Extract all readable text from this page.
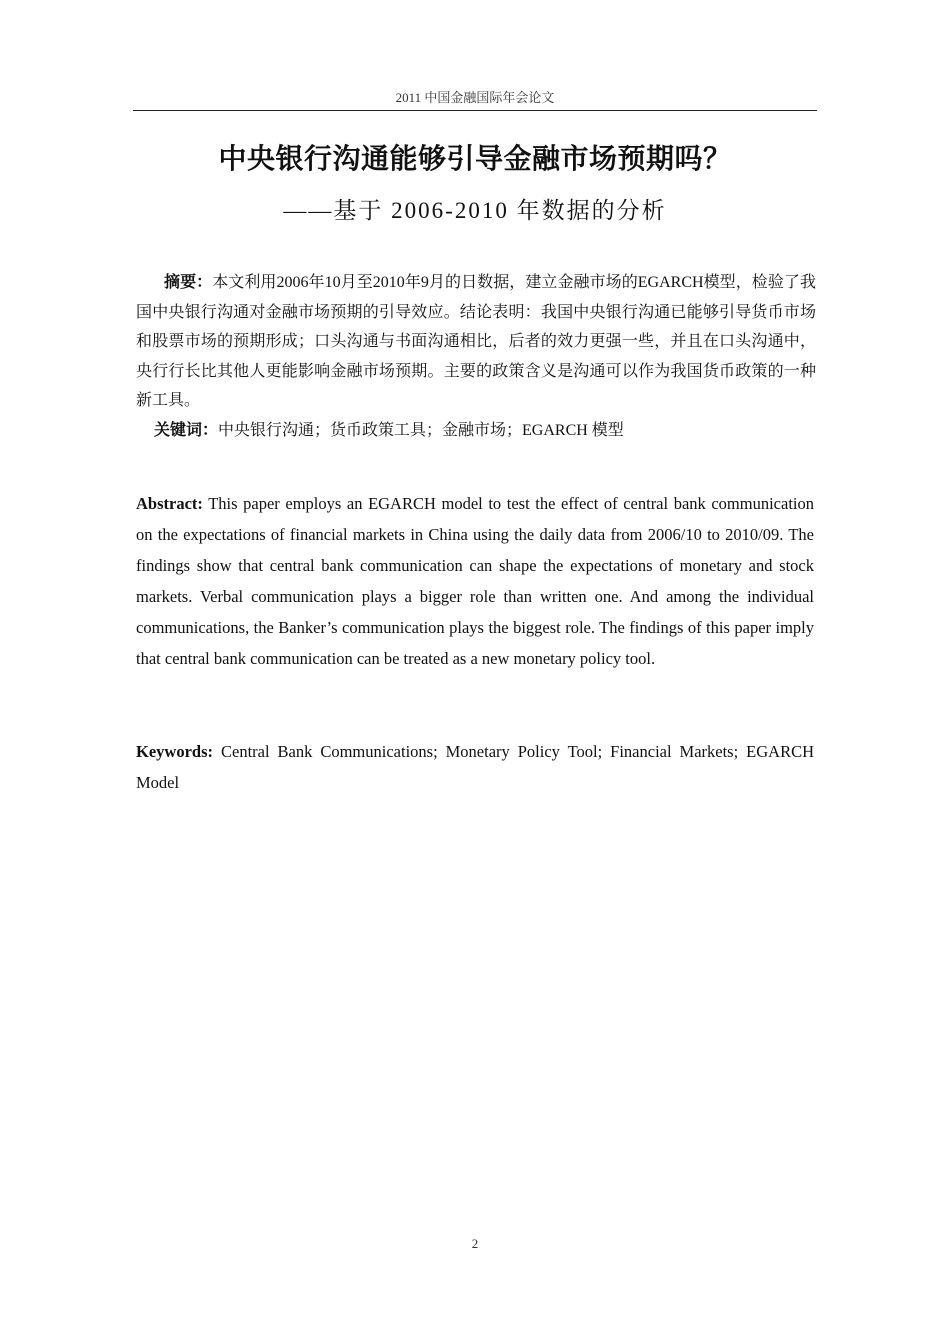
2011 中国金融国际年会论文
中央银行沟通能够引导金融市场预期吗？
——基于 2006-2010 年数据的分析

摘要：本文利用2006年10月至2010年9月的日数据，建立金融市场的EGARCH模型，检验了我国中央银行沟通对金融市场预期的引导效应。结论表明：我国中央银行沟通已能够引导货币市场和股票市场的预期形成；口头沟通与书面沟通相比，后者的效力更强一些，并且在口头沟通中，央行行长比其他人更能影响金融市场预期。主要的政策含义是沟通可以作为我国货币政策的一种新工具。

关键词：中央银行沟通；货币政策工具；金融市场；EGARCH 模型

Abstract: This paper employs an EGARCH model to test the effect of central bank communication on the expectations of financial markets in China using the daily data from 2006/10 to 2010/09. The findings show that central bank communication can shape the expectations of monetary and stock markets. Verbal communication plays a bigger role than written one. And among the individual communications, the Banker’s communication plays the biggest role. The findings of this paper imply that central bank communication can be treated as a new monetary policy tool.

Keywords: Central Bank Communications; Monetary Policy Tool; Financial Markets; EGARCH Model

2
